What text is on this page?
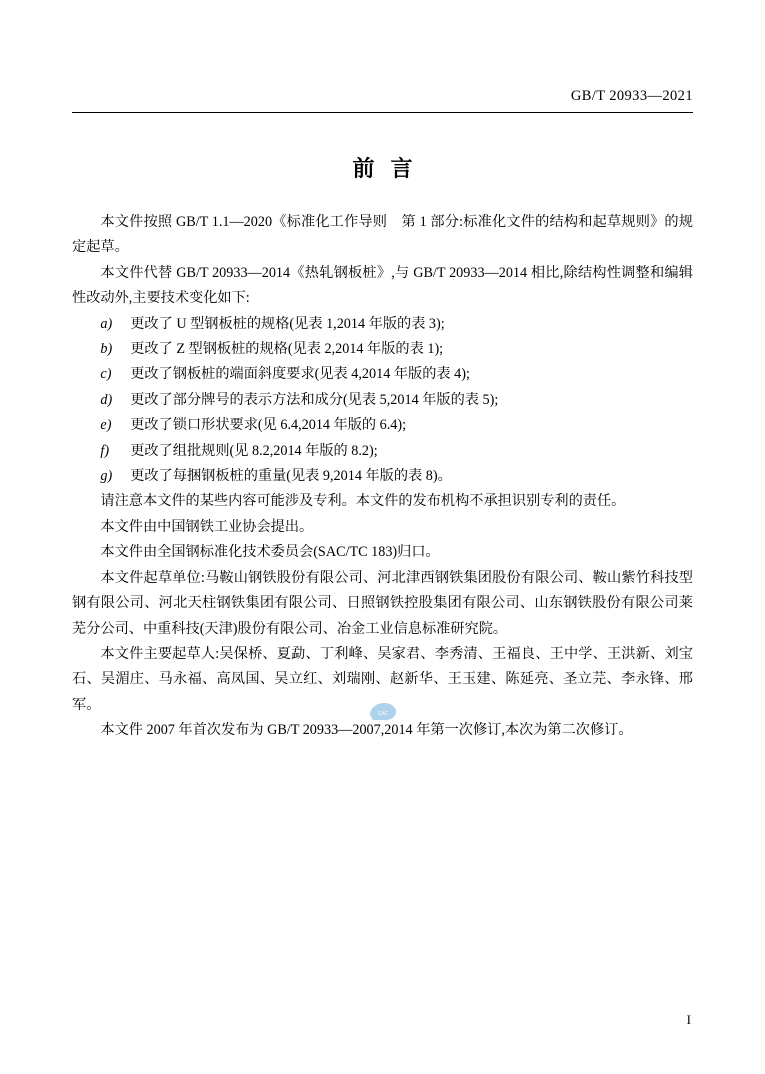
GB/T 20933—2021
前言

本文件按照 GB/T 1.1—2020《标准化工作导则　第 1 部分:标准化文件的结构和起草规则》的规定起草。

本文件代替 GB/T 20933—2014《热轧钢板桩》,与 GB/T 20933—2014 相比,除结构性调整和编辑性改动外,主要技术变化如下:

a)	更改了 U 型钢板桩的规格(见表 1,2014 年版的表 3);
b)	更改了 Z 型钢板桩的规格(见表 2,2014 年版的表 1);
c)	更改了钢板桩的端面斜度要求(见表 4,2014 年版的表 4);
d)	更改了部分牌号的表示方法和成分(见表 5,2014 年版的表 5);
e)	更改了锁口形状要求(见 6.4,2014 年版的 6.4);
f)	更改了组批规则(见 8.2,2014 年版的 8.2);
g)	更改了每捆钢板桩的重量(见表 9,2014 年版的表 8)。

请注意本文件的某些内容可能涉及专利。本文件的发布机构不承担识别专利的责任。

本文件由中国钢铁工业协会提出。

本文件由全国钢标准化技术委员会(SAC/TC 183)归口。

本文件起草单位:马鞍山钢铁股份有限公司、河北津西钢铁集团股份有限公司、鞍山紫竹科技型钢有限公司、河北天柱钢铁集团有限公司、日照钢铁控股集团有限公司、山东钢铁股份有限公司莱芜分公司、中重科技(天津)股份有限公司、冶金工业信息标准研究院。

本文件主要起草人:吴保桥、夏勐、丁利峰、吴家君、李秀清、王福良、王中学、王洪新、刘宝石、吴湄庄、马永福、高凤国、吴立红、刘瑞刚、赵新华、王玉建、陈延亮、圣立芫、李永锋、邢军。

本文件 2007 年首次发布为 GB/T 20933—2007,2014 年第一次修订,本次为第二次修订。

SAC
I
